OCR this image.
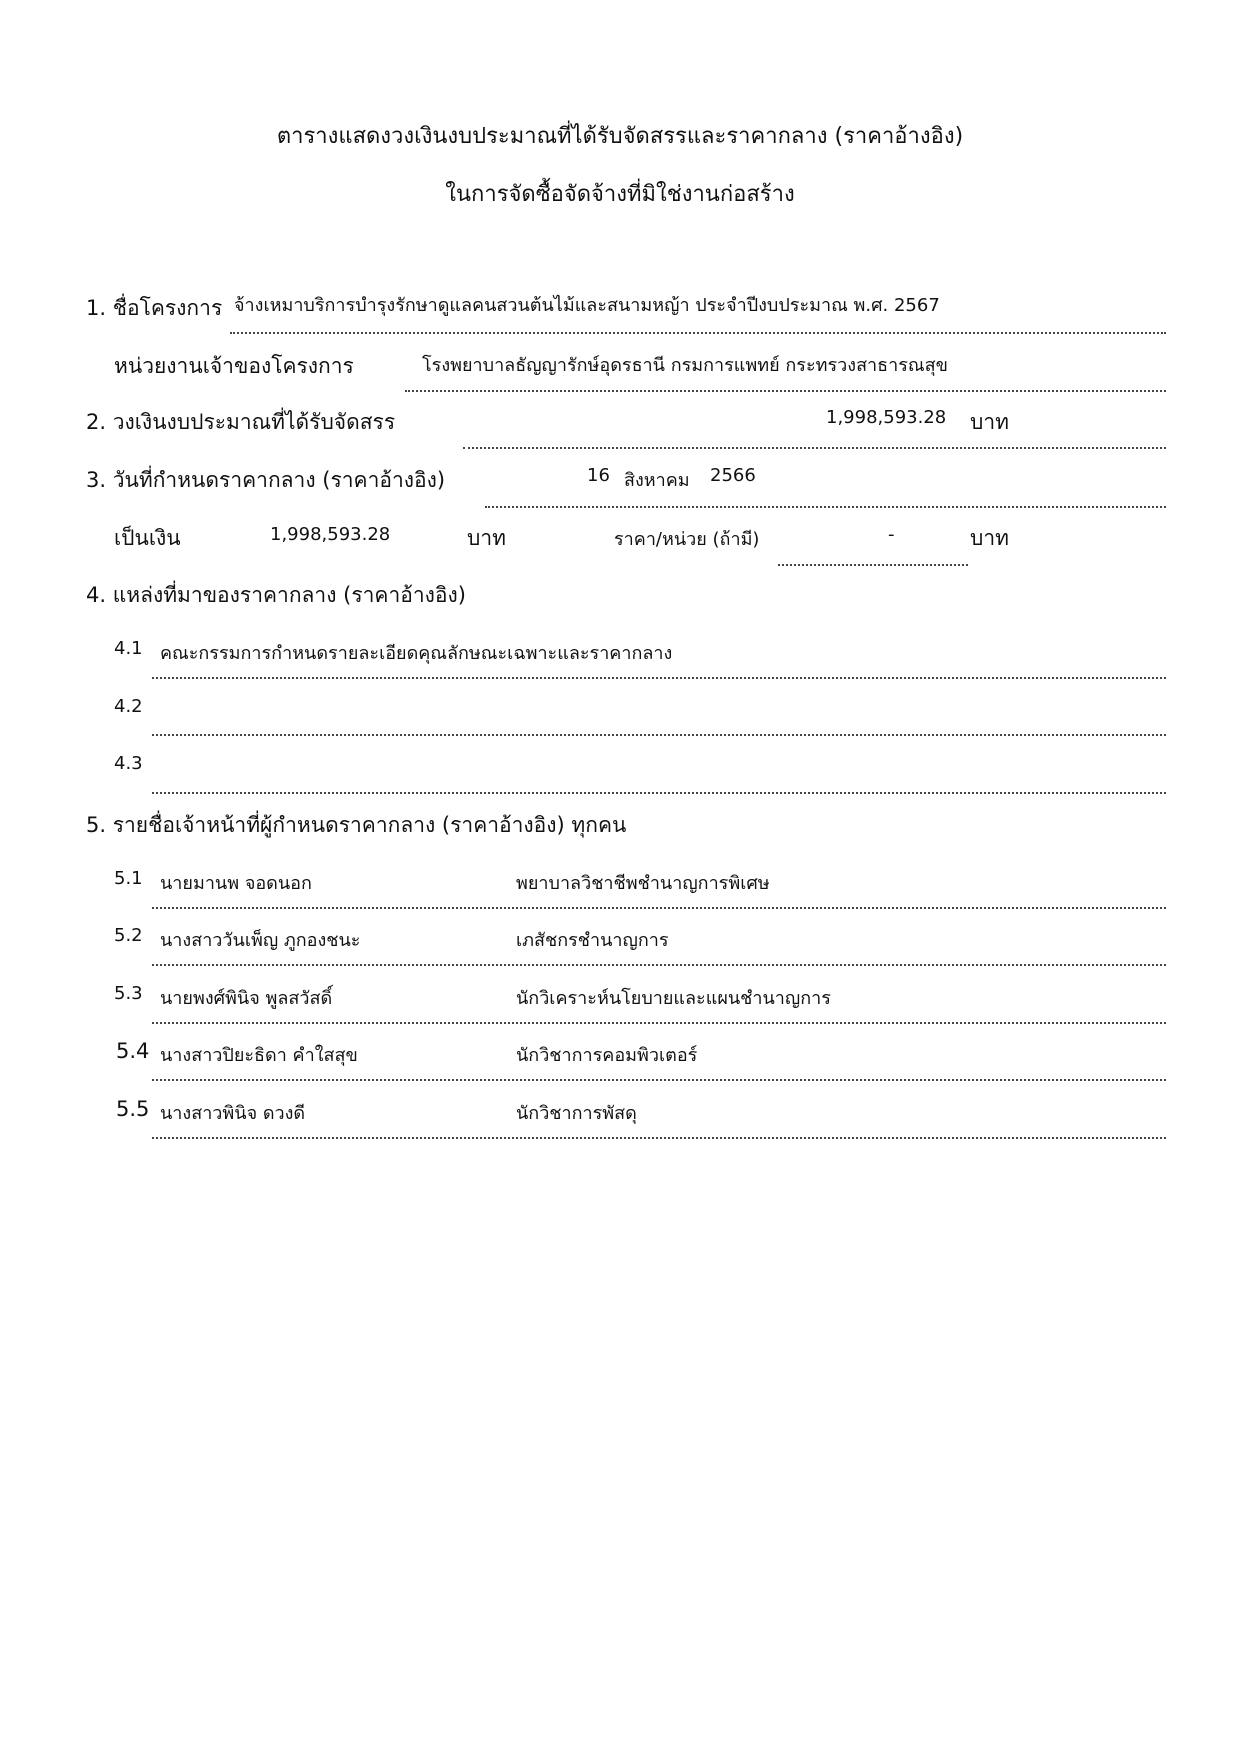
ตารางแสดงวงเงินงบประมาณที่ได้รับจัดสรรและราคากลาง (ราคาอ้างอิง)
ในการจัดซื้อจัดจ้างที่มิใช่งานก่อสร้าง
1. ชื่อโครงการ จ้างเหมาบริการบำรุงรักษาดูแลคนสวนต้นไม้และสนามหญ้า ประจำปีงบประมาณ พ.ศ. 2567
หน่วยงานเจ้าของโครงการ	โรงพยาบาลธัญญารักษ์อุดรธานี กรมการแพทย์ กระทรวงสาธารณสุข
2. วงเงินงบประมาณที่ได้รับจัดสรร	1,998,593.28 บาท
3. วันที่กำหนดราคากลาง (ราคาอ้างอิง)	16 สิงหาคม 2566
เป็นเงิน	1,998,593.28	บาท	ราคา/หน่วย (ถ้ามี)	-	บาท
4. แหล่งที่มาของราคากลาง (ราคาอ้างอิง)
4.1 คณะกรรมการกำหนดรายละเอียดคุณลักษณะเฉพาะและราคากลาง
4.2
4.3
5. รายชื่อเจ้าหน้าที่ผู้กำหนดราคากลาง (ราคาอ้างอิง) ทุกคน
5.1 นายมานพ จอดนอก	พยาบาลวิชาชีพชำนาญการพิเศษ
5.2 นางสาววันเพ็ญ ภูกองชนะ	เภสัชกรชำนาญการ
5.3 นายพงศ์พินิจ พูลสวัสดิ์	นักวิเคราะห์นโยบายและแผนชำนาญการ
5.4 นางสาวปิยะธิดา คำใสสุข	นักวิชาการคอมพิวเตอร์
5.5 นางสาวพินิจ ดวงดี	นักวิชาการพัสดุ
